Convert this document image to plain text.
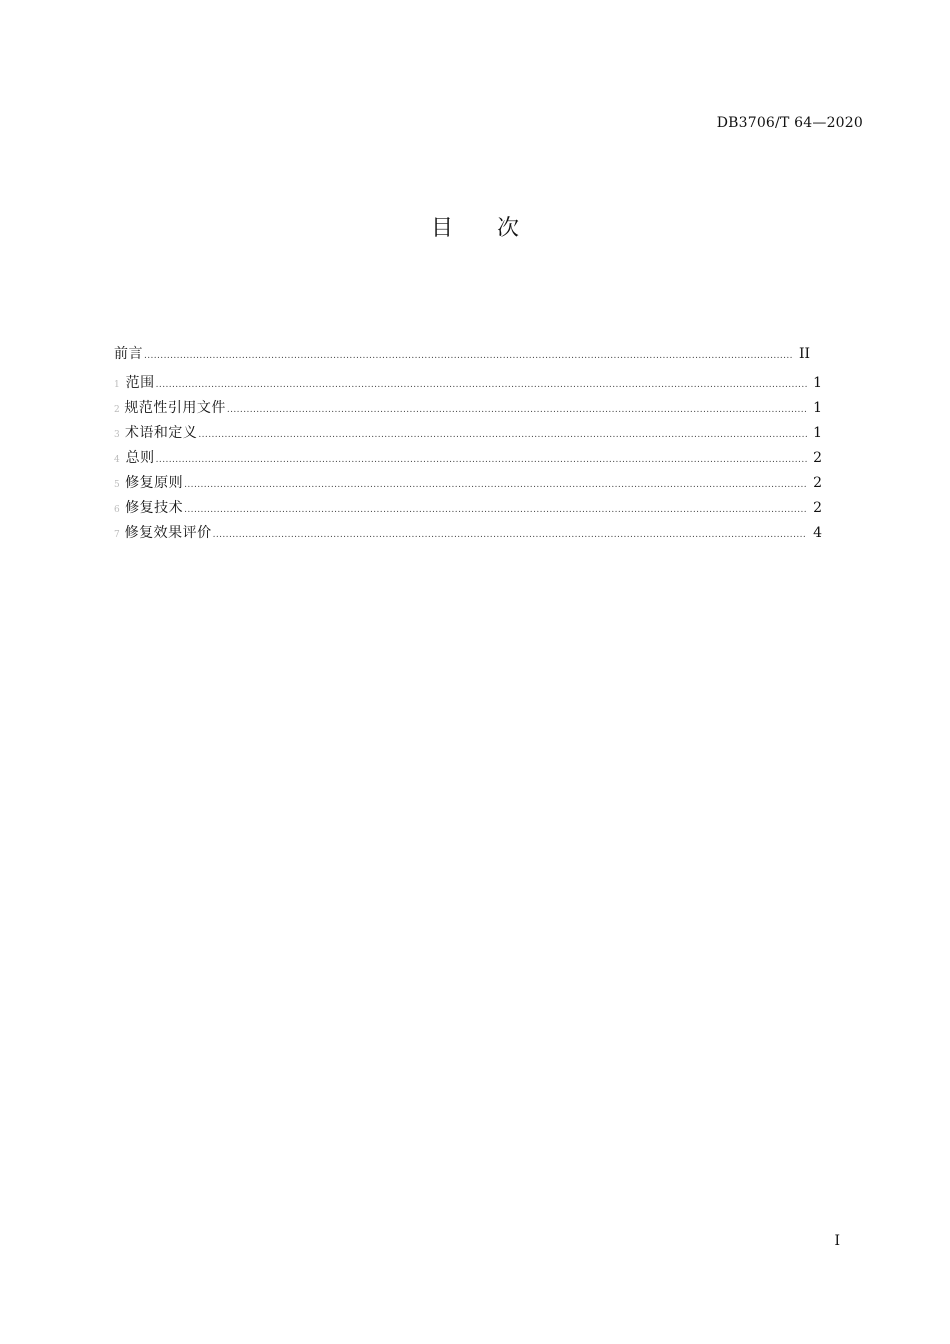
DB3706/T 64—2020
目 次
前言 .....	II
1 范围 .....	1
2 规范性引用文件 .....	1
3 术语和定义 .....	1
4 总则 .....	2
5 修复原则 .....	2
6 修复技术 .....	2
7 修复效果评价 .....	4
I
